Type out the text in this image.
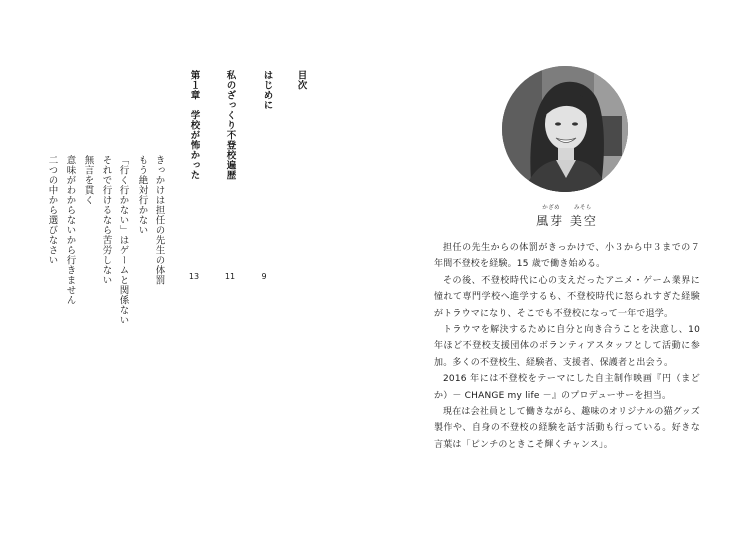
目次
はじめに
9
私のざっくり不登校遍歴
11
第１章　学校が怖かった
13
きっかけは担任の先生の体罰
もう絶対行かない
「行く行かない」はゲームと関係ない
それで行けるなら苦労しない
無言を貫く
意味がわからないから行きません
二つの中から選びなさい	かざめ	みそら
風芽 美空

担任の先生からの体罰がきっかけで、小３から中３までの７年間不登校を経験。15 歳で働き始める。

その後、不登校時代に心の支えだったアニメ・ゲーム業界に憧れて専門学校へ進学するも、不登校時代に怒られすぎた経験がトラウマになり、そこでも不登校になって一年で退学。

トラウマを解決するために自分と向き合うことを決意し、10 年ほど不登校支援団体のボランティアスタッフとして活動に参加。多くの不登校生、経験者、支援者、保護者と出会う。

2016 年には不登校をテーマにした自主制作映画『円（まどか）－ CHANGE my life －』のプロデューサーを担当。

現在は会社員として働きながら、趣味のオリジナルの猫グッズ製作や、自身の不登校の経験を話す活動も行っている。好きな言葉は「ピンチのときこそ輝くチャンス」。
